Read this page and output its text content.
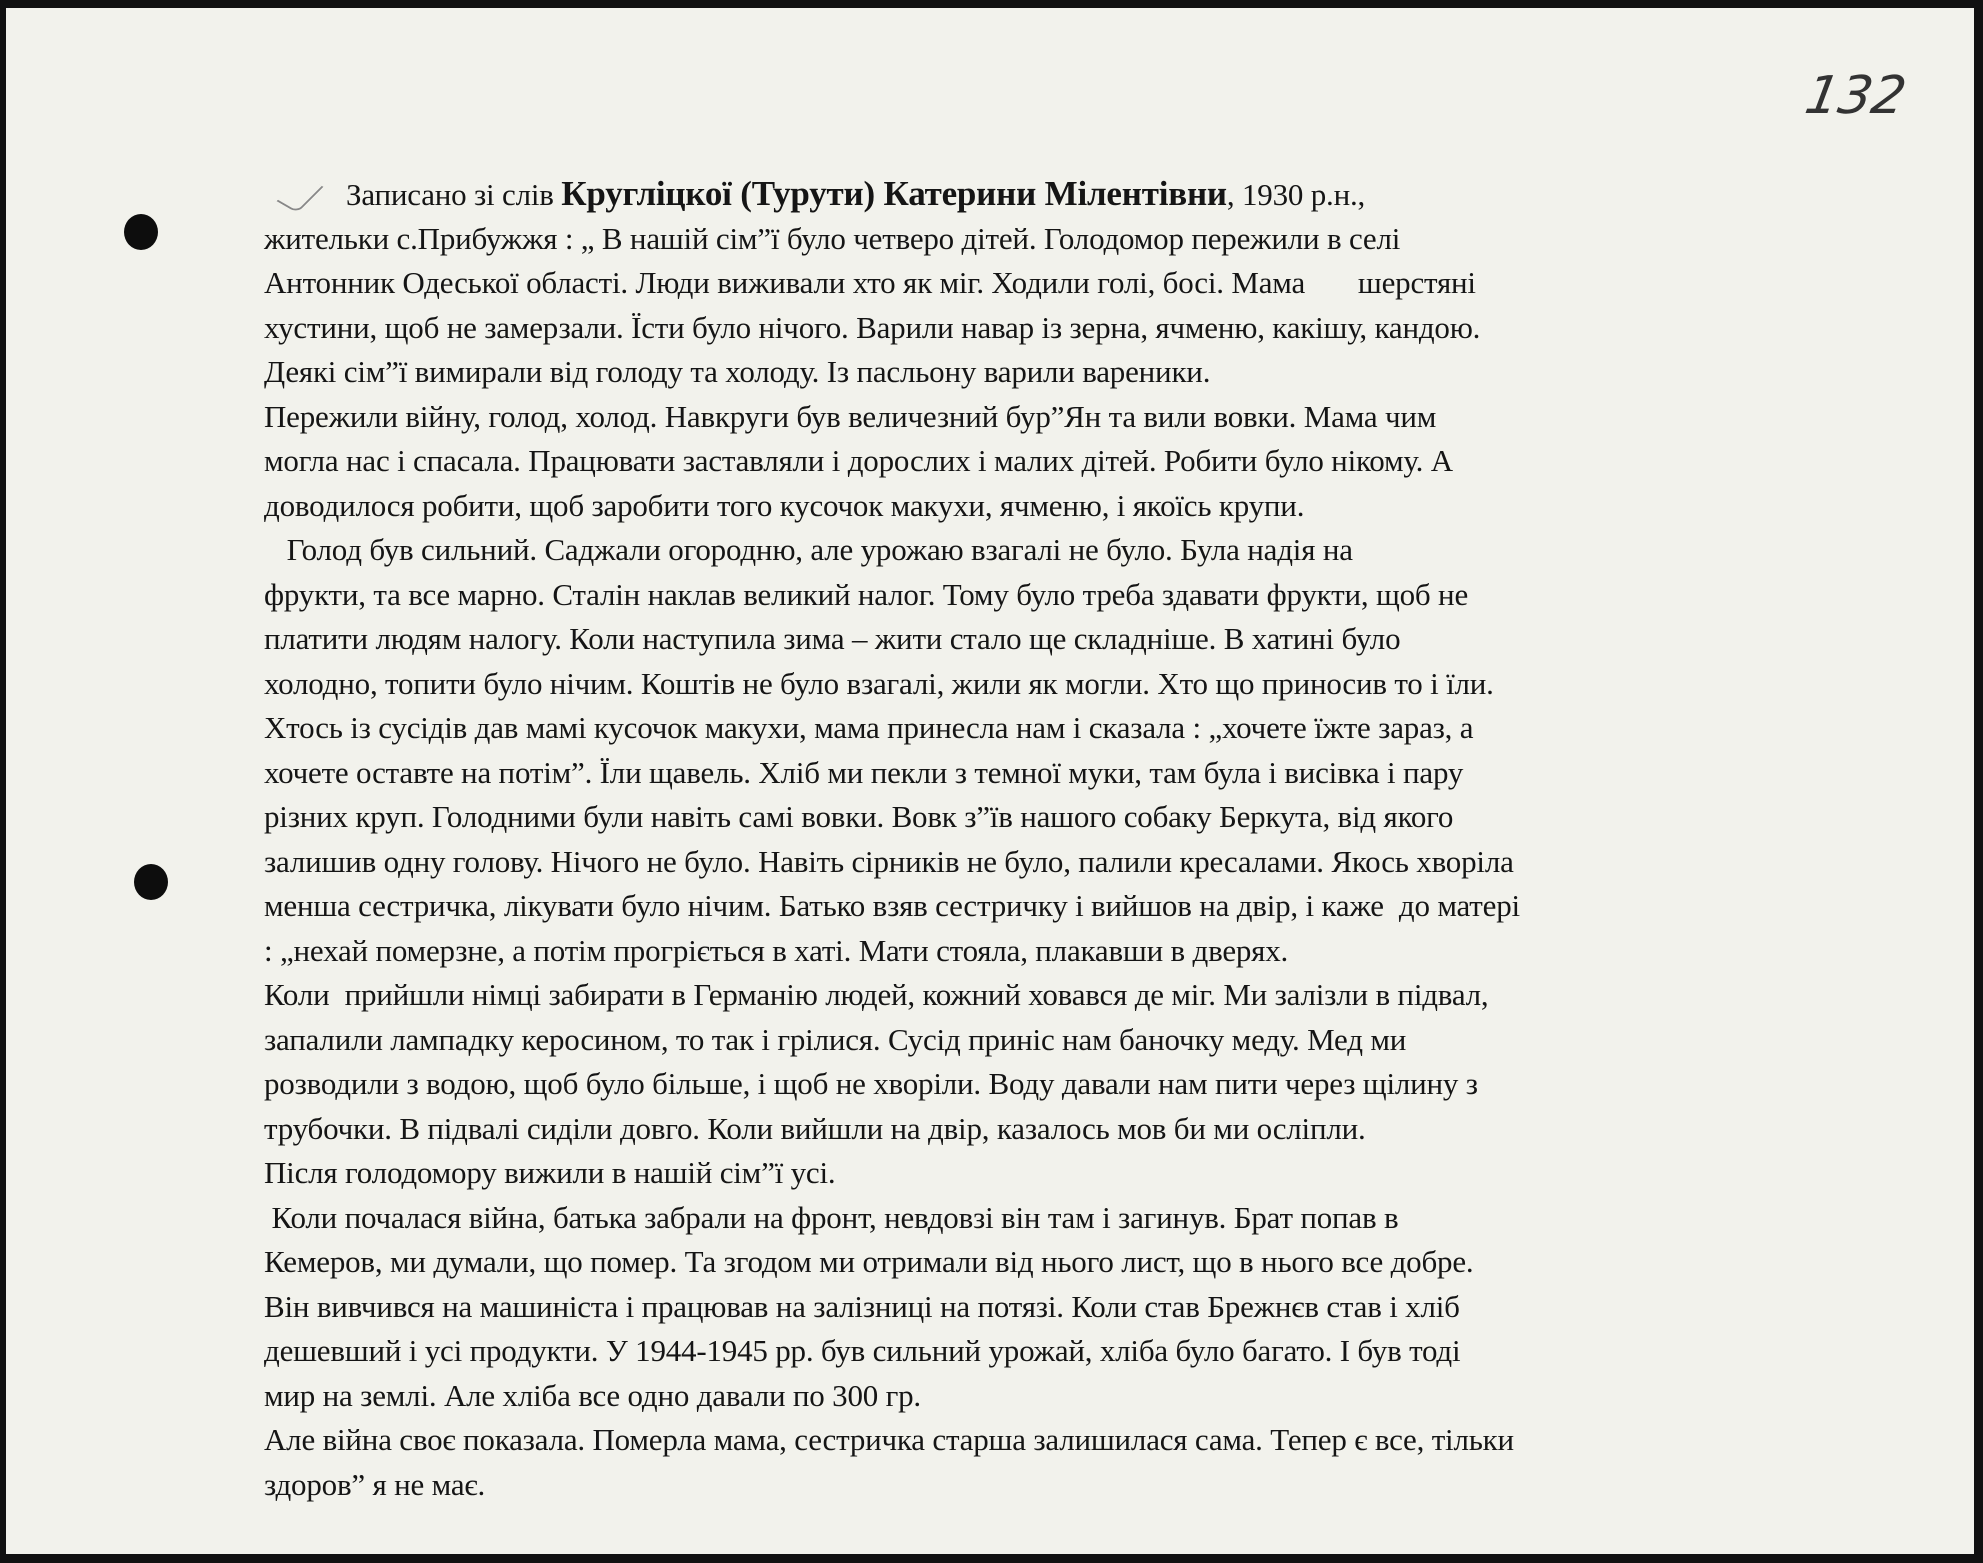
132
Записано зі слів Кругліцкої (Турути) Катерини Мілентівни, 1930 р.н.,
жительки с.Прибужжя : „ В нашій сім”ї було четверо дітей. Голодомор пережили в селі
Антонник Одеської області. Люди виживали хто як міг. Ходили голі, босі. Мама       шерстяні
хустини, щоб не замерзали. Їсти було нічого. Варили навар із зерна, ячменю, какішу, кандою.
Деякі сім”ї вимирали від голоду та холоду. Із пасльону варили вареники.
Пережили війну, голод, холод. Навкруги був величезний бур”Ян та вили вовки. Мама чим
могла нас і спасала. Працювати заставляли і дорослих і малих дітей. Робити було нікому. А
доводилося робити, щоб заробити того кусочок макухи, ячменю, і якоїсь крупи.
Голод був сильний. Саджали огородню, але урожаю взагалі не було. Була надія на
фрукти, та все марно. Сталін наклав великий налог. Тому було треба здавати фрукти, щоб не
платити людям налогу. Коли наступила зима – жити стало ще складніше. В хатині було
холодно, топити було нічим. Коштів не було взагалі, жили як могли. Хто що приносив то і їли.
Хтось із сусідів дав мамі кусочок макухи, мама принесла нам і сказала : „хочете їжте зараз, а
хочете оставте на потім”. Їли щавель. Хліб ми пекли з темної муки, там була і висівка і пару
різних круп. Голодними були навіть самі вовки. Вовк з”їв нашого собаку Беркута, від якого
залишив одну голову. Нічого не було. Навіть сірників не було, палили кресалами. Якось хворіла
менша сестричка, лікувати було нічим. Батько взяв сестричку і вийшов на двір, і каже  до матері
: „нехай померзне, а потім прогріється в хаті. Мати стояла, плакавши в дверях.
Коли  прийшли німці забирати в Германію людей, кожний ховався де міг. Ми залізли в підвал,
запалили лампадку керосином, то так і грілися. Сусід приніс нам баночку меду. Мед ми
розводили з водою, щоб було більше, і щоб не хворіли. Воду давали нам пити через щілину з
трубочки. В підвалі сиділи довго. Коли вийшли на двір, казалось мов би ми осліпли.
Після голодомору вижили в нашій сім”ї усі.
Коли почалася війна, батька забрали на фронт, невдовзі він там і загинув. Брат попав в
Кемеров, ми думали, що помер. Та згодом ми отримали від нього лист, що в нього все добре.
Він вивчився на машиніста і працював на залізниці на потязі. Коли став Брежнєв став і хліб
дешевший і усі продукти. У 1944-1945 рр. був сильний урожай, хліба було багато. І був тоді
мир на землі. Але хліба все одно давали по 300 гр.
Але війна своє показала. Померла мама, сестричка старша залишилася сама. Тепер є все, тільки
здоров” я не має.
